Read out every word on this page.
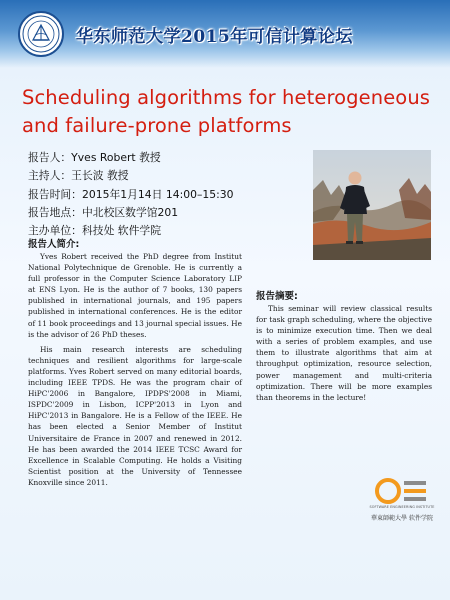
华东师范大学2015年可信计算论坛
Scheduling algorithms for heterogeneous
and failure-prone platforms
报告人：Yves Robert 教授
主持人：王长波 教授
报告时间：2015年1月14日 14:00–15:30
报告地点：中北校区数学馆201
主办单位：科技处 软件学院
报告人简介:

Yves Robert received the PhD degree from Institut National Polytechnique de Grenoble. He is currently a full professor in the Computer Science Laboratory LIP at ENS Lyon. He is the author of 7 books, 130 papers published in international journals, and 195 papers published in international conferences. He is the editor of 11 book proceedings and 13 journal special issues. He is the advisor of 26 PhD theses.

His main research interests are scheduling techniques and resilient algorithms for large-scale platforms. Yves Robert served on many editorial boards, including IEEE TPDS. He was the program chair of HiPC'2006 in Bangalore, IPDPS'2008 in Miami, ISPDC'2009 in Lisbon, ICPP'2013 in Lyon and HiPC'2013 in Bangalore. He is a Fellow of the IEEE. He has been elected a Senior Member of Institut Universitaire de France in 2007 and renewed in 2012. He has been awarded the 2014 IEEE TCSC Award for Excellence in Scalable Computing. He holds a Visiting Scientist position at the University of Tennessee Knoxville since 2011.

报告摘要:

This seminar will review classical results for task graph scheduling, where the objective is to minimize execution time. Then we deal with a series of problem examples, and use them to illustrate algorithms that aim at throughput optimization, resource selection, power management and multi-criteria optimization. There will be more examples than theorems in the lecture!

SOFTWARE ENGINEERING INSTITUTE
華東師範大學 软件学院
